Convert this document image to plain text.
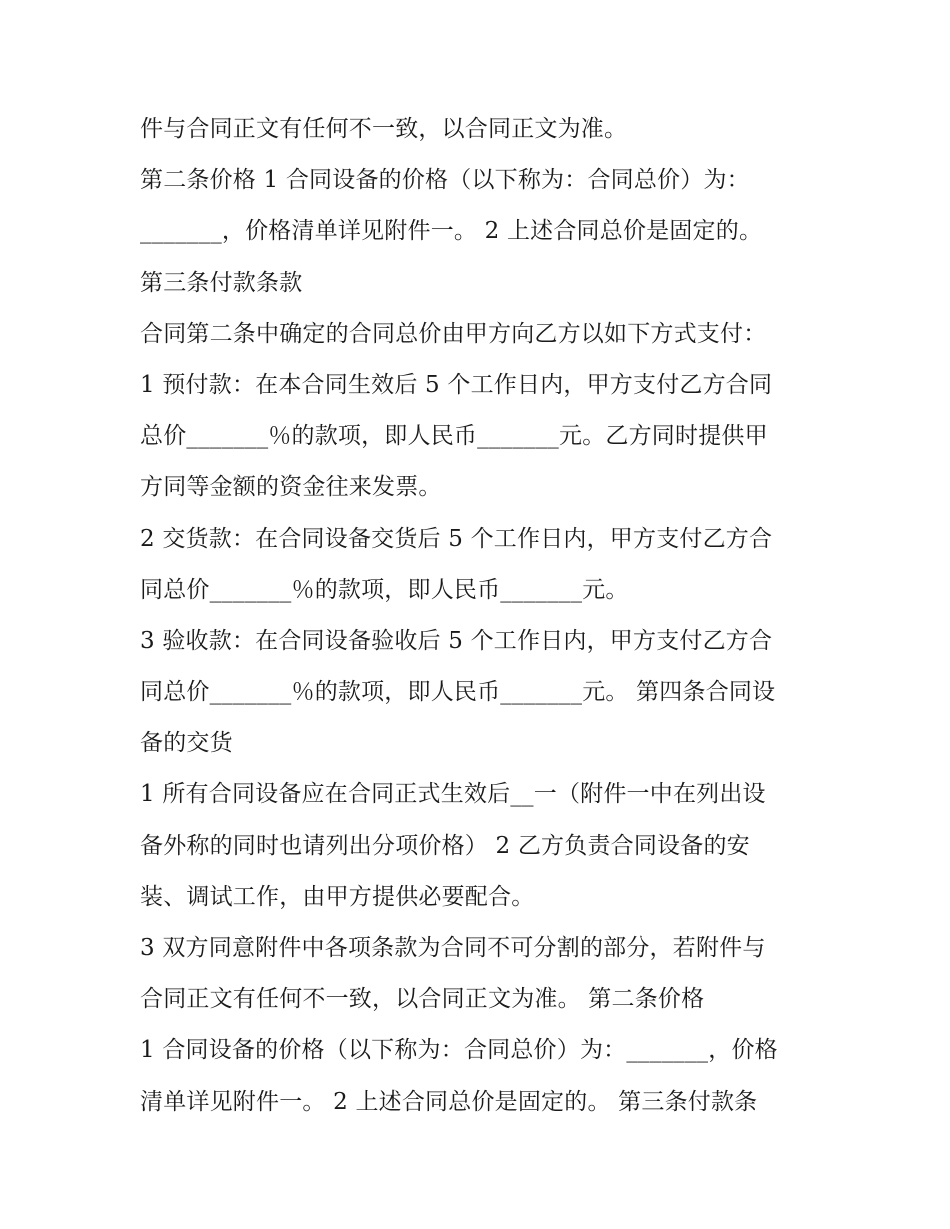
件与合同正文有任何不一致，以合同正文为准。
第二条价格 1 合同设备的价格（以下称为：合同总价）为：
_______，价格清单详见附件一。 2 上述合同总价是固定的。
第三条付款条款
合同第二条中确定的合同总价由甲方向乙方以如下方式支付：
1 预付款：在本合同生效后 5 个工作日内，甲方支付乙方合同
总价_______％的款项，即人民币_______元。乙方同时提供甲
方同等金额的资金往来发票。
2 交货款：在合同设备交货后 5 个工作日内，甲方支付乙方合
同总价_______％的款项，即人民币_______元。
3 验收款：在合同设备验收后 5 个工作日内，甲方支付乙方合
同总价_______％的款项，即人民币_______元。 第四条合同设
备的交货
1 所有合同设备应在合同正式生效后__一（附件一中在列出设
备外称的同时也请列出分项价格） 2 乙方负责合同设备的安
装、调试工作，由甲方提供必要配合。
3 双方同意附件中各项条款为合同不可分割的部分，若附件与
合同正文有任何不一致，以合同正文为准。 第二条价格
1 合同设备的价格（以下称为：合同总价）为：_______，价格
清单详见附件一。 2 上述合同总价是固定的。 第三条付款条
